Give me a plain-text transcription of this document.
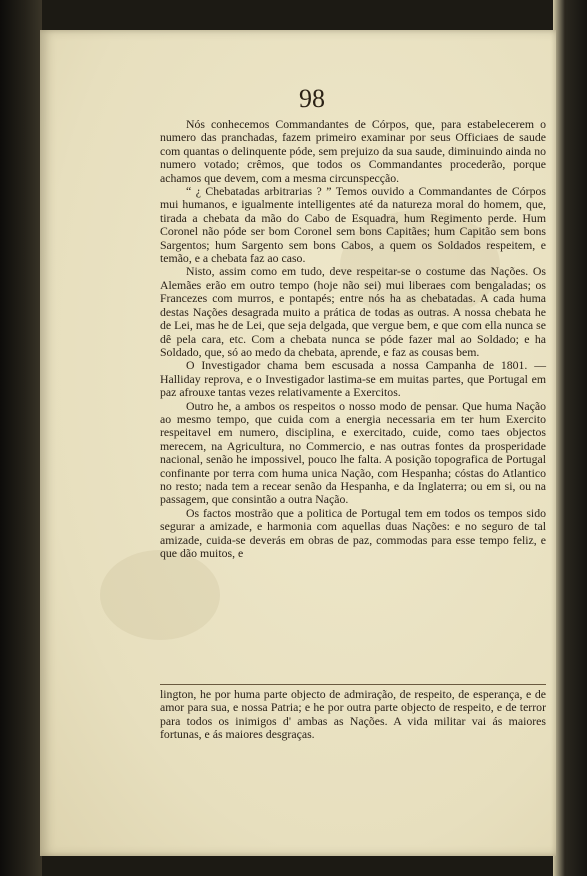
98

Nós conhecemos Commandantes de Córpos, que, para estabelecerem o numero das pranchadas, fazem primeiro examinar por seus Officiaes de saude com quantas o delinquente póde, sem prejuizo da sua saude, diminuindo ainda no numero votado; crêmos, que todos os Commandantes procederão, porque achamos que devem, com a mesma circunspecção.

“ ¿ Chebatadas arbitrarias ? ” Temos ouvido a Commandantes de Córpos mui humanos, e igualmente intelligentes até da natureza moral do homem, que, tirada a chebata da mão do Cabo de Esquadra, hum Regimento perde. Hum Coronel não póde ser bom Coronel sem bons Capitães; hum Capitão sem bons Sargentos; hum Sargento sem bons Cabos, a quem os Soldados respeitem, e temão, e a chebata faz ao caso.

Nisto, assim como em tudo, deve respeitar-se o costume das Nações. Os Alemães erão em outro tempo (hoje não sei) mui liberaes com bengaladas; os Francezes com murros, e pontapés; entre nós ha as chebatadas. A cada huma destas Nações desagrada muito a prática de todas as outras. A nossa chebata he de Lei, mas he de Lei, que seja delgada, que vergue bem, e que com ella nunca se dê pela cara, etc. Com a chebata nunca se póde fazer mal ao Soldado; e ha Soldado, que, só ao medo da chebata, aprende, e faz as cousas bem.

O Investigador chama bem escusada a nossa Campanha de 1801. — Halliday reprova, e o Investigador lastima-se em muitas partes, que Portugal em paz afrouxe tantas vezes relativamente a Exercitos.

Outro he, a ambos os respeitos o nosso modo de pensar. Que huma Nação ao mesmo tempo, que cuida com a energia necessaria em ter hum Exercito respeitavel em numero, disciplina, e exercitado, cuide, como taes objectos merecem, na Agricultura, no Commercio, e nas outras fontes da prosperidade nacional, senão he impossivel, pouco lhe falta. A posição topografica de Portugal confinante por terra com huma unica Nação, com Hespanha; cóstas do Atlantico no resto; nada tem a recear senão da Hespanha, e da Inglaterra; ou em si, ou na passagem, que consintão a outra Nação.

Os factos mostrão que a politica de Portugal tem em todos os tempos sido segurar a amizade, e harmonia com aquellas duas Nações: e no seguro de tal amizade, cuida-se deverás em obras de paz, commodas para esse tempo feliz, e que dão muitos, e

lington, he por huma parte objecto de admiração, de respeito, de esperança, e de amor para sua, e nossa Patria; e he por outra parte objecto de respeito, e de terror para todos os inimigos d' ambas as Nações. A vida militar vai ás maiores fortunas, e ás maiores desgraças.
